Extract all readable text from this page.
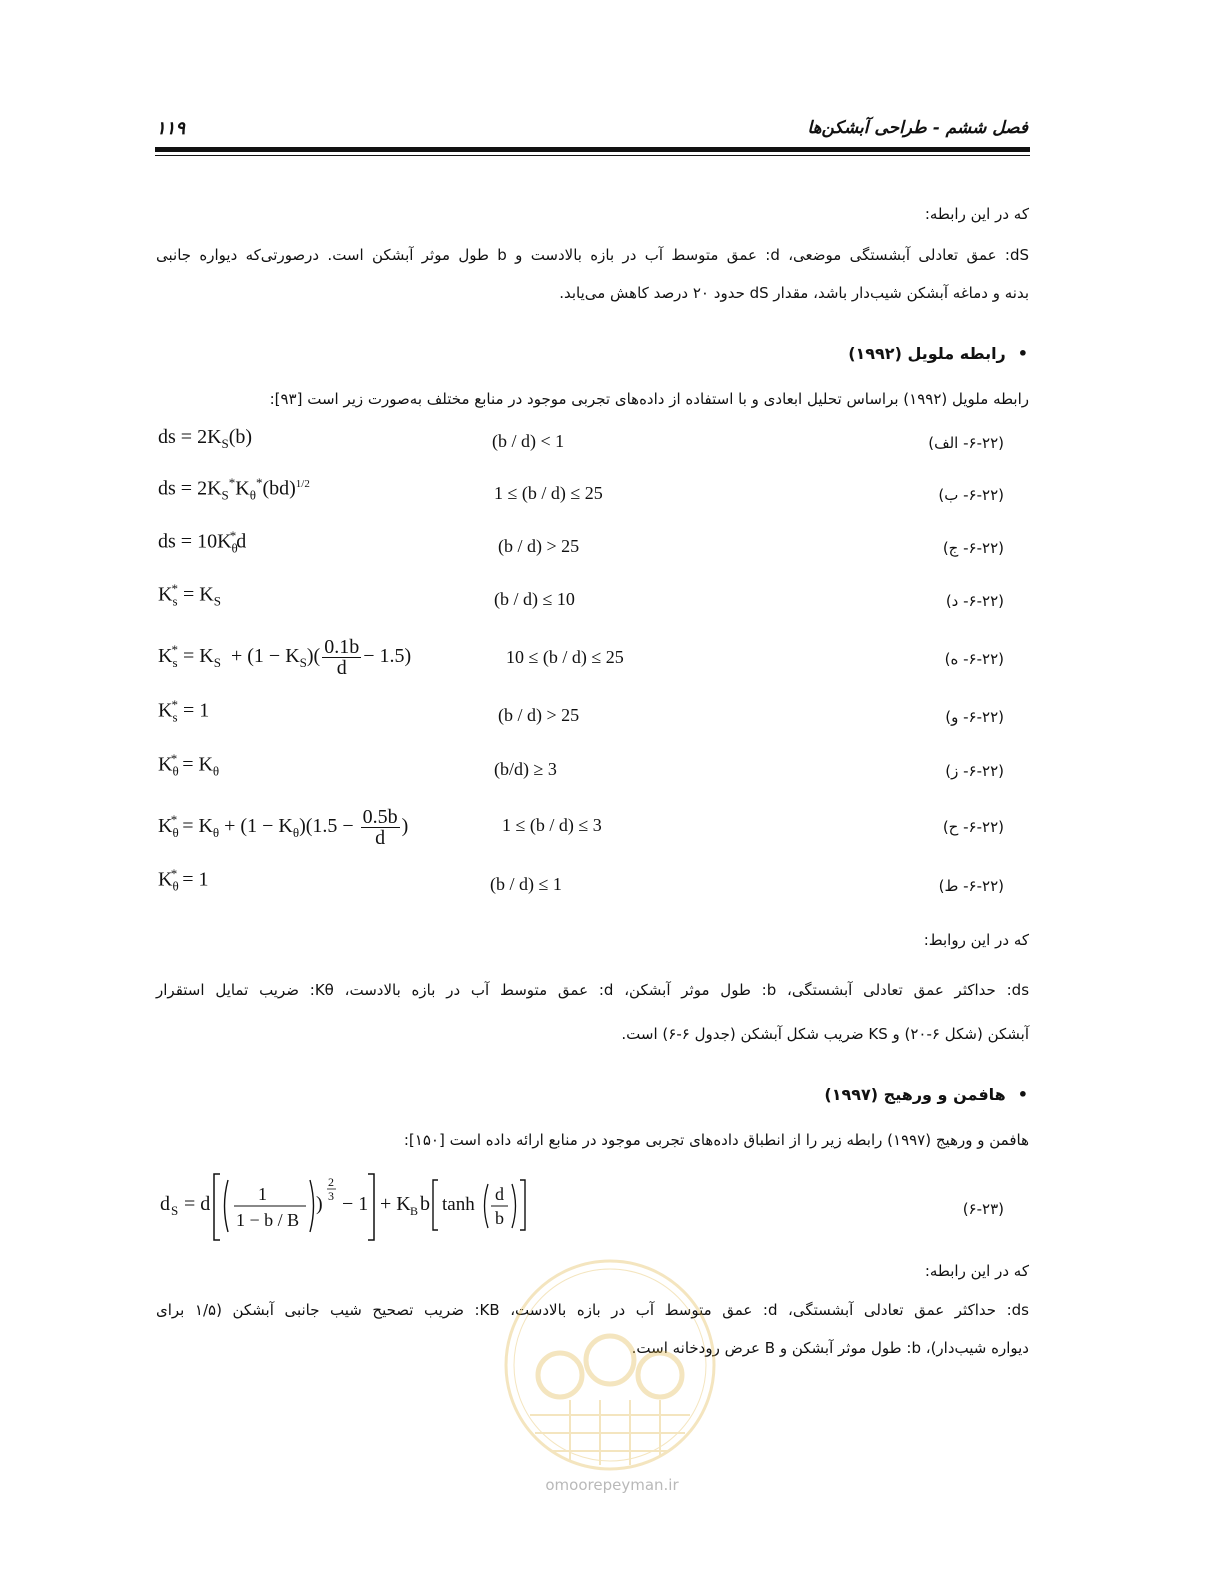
۱۱۹	فصل ششم - طراحی آبشکن‌ها
که در این رابطه:
dS: عمق تعادلی آبشستگی موضعی، d: عمق متوسط آب در بازه بالادست و b طول موثر آبشکن است. درصورتی‌که دیواره جانبی
بدنه و دماغه آبشکن شیب‌دار باشد، مقدار dS حدود ۲۰ درصد کاهش می‌یابد.
•رابطه ملویل (۱۹۹۲)
رابطه ملویل (۱۹۹۲) براساس تحلیل ابعادی و با استفاده از داده‌های تجربی موجود در منابع مختلف به‌صورت زیر است [۹۳]:
ds = $2K_S(b)$	(b / d) < 1	(۶-۲۲- الف)
ds = $2K_S^*K_\theta^*(bd)^{1/2}$	1 ≤ (b / d) ≤ 25	(۶-۲۲- ب)
ds = $10K_\theta^*d$	(b / d) > 25	(۶-۲۲- ج)
$K_s^* = K_S$	(b / d) ≤ 10	(۶-۲۲- د)
$K_s^* = K_S + (1 - K_S)( \frac{0.1b}{d} - 1.5)$	10 ≤ (b / d) ≤ 25	(۶-۲۲- ه)
$K_s^* = 1$	(b / d) > 25	(۶-۲۲- و)
$K_\theta^* = K_\theta$	(b/d) ≥ 3	(۶-۲۲- ز)
$K_\theta^* = K_\theta + (1 - K_\theta)(1.5 - \frac{0.5b}{d}$ )	1 ≤ (b / d) ≤ 3	(۶-۲۲- ح)
$K_\theta^* = 1$	(b / d) ≤ 1	(۶-۲۲- ط)
که در این روابط:
ds: حداکثر عمق تعادلی آبشستگی، b: طول موثر آبشکن، d: عمق متوسط آب در بازه بالادست، Kθ: ضریب تمایل استقرار
آبشکن (شکل ۶-۲۰) و KS ضریب شکل آبشکن (جدول ۶-۶) است.
•هافمن و ورهیج (۱۹۹۷)
هافمن و ورهیج (۱۹۹۷) رابطه زیر را از انطباق داده‌های تجربی موجود در منابع ارائه داده است [۱۵۰]:
d S = d	1
1 − b / B
)
2
3 − 1 + K B b tanh d
b	(۶-۲۳)
که در این رابطه:
ds: حداکثر عمق تعادلی آبشستگی، d: عمق متوسط آب در بازه بالادست، KB: ضریب تصحیح شیب جانبی آبشکن (۱/۵ برای
دیواره شیب‌دار)، b: طول موثر آبشکن و B عرض رودخانه است.
omoorepeyman.ir
